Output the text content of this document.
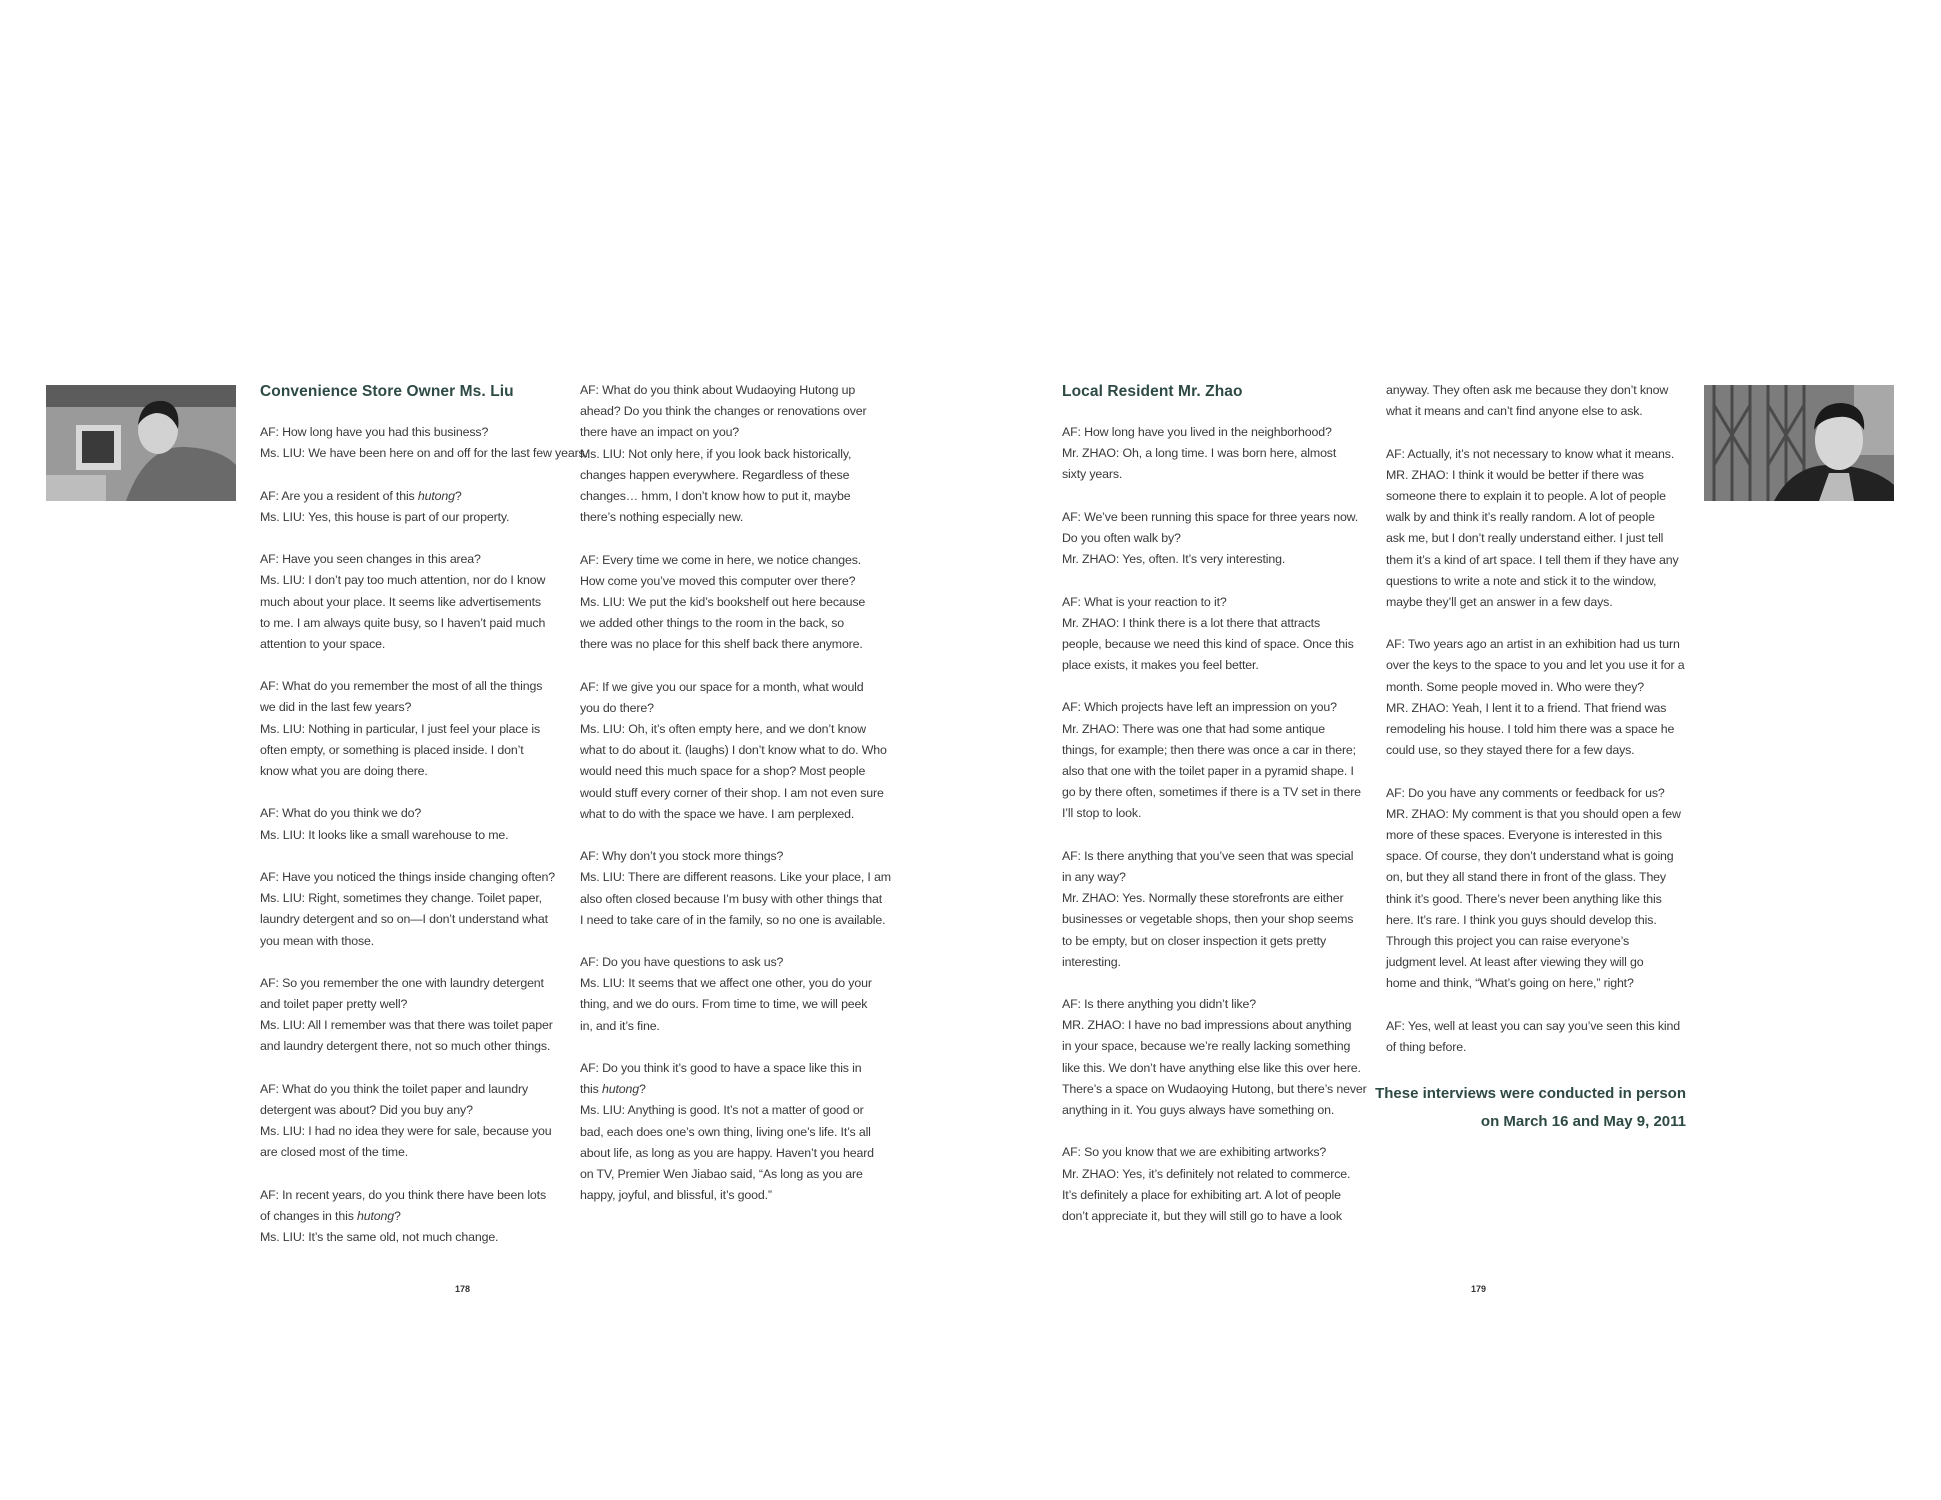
Convenience Store Owner Ms. Liu
AF: How long have you had this business?
Ms. LIU: We have been here on and off for the last few years.
AF: Are you a resident of this hutong?
Ms. LIU: Yes, this house is part of our property.
AF: Have you seen changes in this area?
Ms. LIU: I don’t pay too much attention, nor do I know
much about your place. It seems like advertisements
to me. I am always quite busy, so I haven’t paid much
attention to your space.
AF: What do you remember the most of all the things
we did in the last few years?
Ms. LIU: Nothing in particular, I just feel your place is
often empty, or something is placed inside. I don’t
know what you are doing there.
AF: What do you think we do?
Ms. LIU: It looks like a small warehouse to me.
AF: Have you noticed the things inside changing often?
Ms. LIU: Right, sometimes they change. Toilet paper,
laundry detergent and so on—I don’t understand what
you mean with those.
AF: So you remember the one with laundry detergent
and toilet paper pretty well?
Ms. LIU: All I remember was that there was toilet paper
and laundry detergent there, not so much other things.
AF: What do you think the toilet paper and laundry
detergent was about? Did you buy any?
Ms. LIU: I had no idea they were for sale, because you
are closed most of the time.
AF: In recent years, do you think there have been lots
of changes in this hutong?
Ms. LIU: It’s the same old, not much change.
AF: What do you think about Wudaoying Hutong up
ahead? Do you think the changes or renovations over
there have an impact on you?
Ms. LIU: Not only here, if you look back historically,
changes happen everywhere. Regardless of these
changes… hmm, I don’t know how to put it, maybe
there’s nothing especially new.
AF: Every time we come in here, we notice changes.
How come you’ve moved this computer over there?
Ms. LIU: We put the kid’s bookshelf out here because
we added other things to the room in the back, so
there was no place for this shelf back there anymore.
AF: If we give you our space for a month, what would
you do there?
Ms. LIU: Oh, it’s often empty here, and we don’t know
what to do about it. (laughs) I don’t know what to do. Who
would need this much space for a shop? Most people
would stuff every corner of their shop. I am not even sure
what to do with the space we have. I am perplexed.
AF: Why don’t you stock more things?
Ms. LIU: There are different reasons. Like your place, I am
also often closed because I’m busy with other things that
I need to take care of in the family, so no one is available.
AF: Do you have questions to ask us?
Ms. LIU: It seems that we affect one other, you do your
thing, and we do ours. From time to time, we will peek
in, and it’s fine.
AF: Do you think it’s good to have a space like this in
this hutong?
Ms. LIU: Anything is good. It’s not a matter of good or
bad, each does one’s own thing, living one’s life. It’s all
about life, as long as you are happy. Haven’t you heard
on TV, Premier Wen Jiabao said, “As long as you are
happy, joyful, and blissful, it’s good.”
178
Local Resident Mr. Zhao
AF: How long have you lived in the neighborhood?
Mr. ZHAO: Oh, a long time. I was born here, almost
sixty years.
AF: We’ve been running this space for three years now.
Do you often walk by?
Mr. ZHAO: Yes, often. It’s very interesting.
AF: What is your reaction to it?
Mr. ZHAO: I think there is a lot there that attracts
people, because we need this kind of space. Once this
place exists, it makes you feel better.
AF: Which projects have left an impression on you?
Mr. ZHAO: There was one that had some antique
things, for example; then there was once a car in there;
also that one with the toilet paper in a pyramid shape. I
go by there often, sometimes if there is a TV set in there
I’ll stop to look.
AF: Is there anything that you’ve seen that was special
in any way?
Mr. ZHAO: Yes. Normally these storefronts are either
businesses or vegetable shops, then your shop seems
to be empty, but on closer inspection it gets pretty
interesting.
AF: Is there anything you didn’t like?
MR. ZHAO: I have no bad impressions about anything
in your space, because we’re really lacking something
like this. We don’t have anything else like this over here.
There’s a space on Wudaoying Hutong, but there’s never
anything in it. You guys always have something on.
AF: So you know that we are exhibiting artworks?
Mr. ZHAO: Yes, it’s definitely not related to commerce.
It’s definitely a place for exhibiting art. A lot of people
don’t appreciate it, but they will still go to have a look
anyway. They often ask me because they don’t know
what it means and can’t find anyone else to ask.
AF: Actually, it’s not necessary to know what it means.
MR. ZHAO: I think it would be better if there was
someone there to explain it to people. A lot of people
walk by and think it’s really random. A lot of people
ask me, but I don’t really understand either. I just tell
them it’s a kind of art space. I tell them if they have any
questions to write a note and stick it to the window,
maybe they’ll get an answer in a few days.
AF: Two years ago an artist in an exhibition had us turn
over the keys to the space to you and let you use it for a
month. Some people moved in. Who were they?
MR. ZHAO: Yeah, I lent it to a friend. That friend was
remodeling his house. I told him there was a space he
could use, so they stayed there for a few days.
AF: Do you have any comments or feedback for us?
MR. ZHAO: My comment is that you should open a few
more of these spaces. Everyone is interested in this
space. Of course, they don’t understand what is going
on, but they all stand there in front of the glass. They
think it’s good. There’s never been anything like this
here. It’s rare. I think you guys should develop this.
Through this project you can raise everyone’s
judgment level. At least after viewing they will go
home and think, “What’s going on here,” right?
AF: Yes, well at least you can say you’ve seen this kind
of thing before.
These interviews were conducted in person
on March 16 and May 9, 2011
179
